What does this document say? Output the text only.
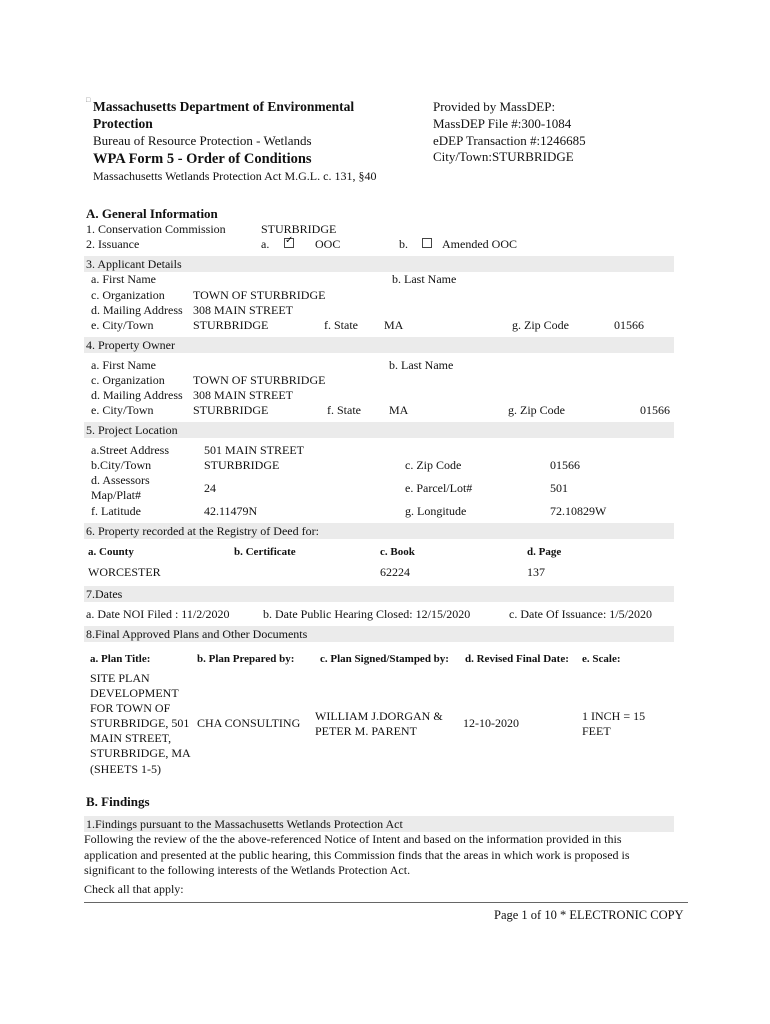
□ Massachusetts Department of Environmental
Protection
Bureau of Resource Protection - Wetlands
WPA Form 5 - Order of Conditions
Massachusetts Wetlands Protection Act M.G.L. c. 131, §40
Provided by MassDEP:
MassDEP File #:300-1084
eDEP Transaction #:1246685
City/Town:STURBRIDGE
A. General Information
1. Conservation Commission	STURBRIDGE
2. Issuance	a.
✓	OOC	b.	Amended OOC
3. Applicant Details
a. First Name	b. Last Name
c. Organization TOWN OF STURBRIDGE
d. Mailing Address 308 MAIN STREET
e. City/Town	STURBRIDGE	f. State MA	g. Zip Code	01566
4. Property Owner
a. First Name	b. Last Name
c. Organization TOWN OF STURBRIDGE
d. Mailing Address 308 MAIN STREET
e. City/Town	STURBRIDGE	f. State MA	g. Zip Code	01566
5. Project Location
a.Street Address	501 MAIN STREET
b.City/Town	STURBRIDGE	c. Zip Code	01566
d. Assessors
Map/Plat#	24	e. Parcel/Lot#	501
f. Latitude	42.11479N	g. Longitude	72.10829W
6. Property recorded at the Registry of Deed for:
a. County	b. Certificate	c. Book	d. Page
WORCESTER	62224	137
7.Dates
a. Date NOI Filed : 11/2/2020	b. Date Public Hearing Closed: 12/15/2020	c. Date Of Issuance: 1/5/2020
8.Final Approved Plans and Other Documents
a. Plan Title:	b. Plan Prepared by: c. Plan Signed/Stamped by: d. Revised Final Date: e. Scale:
SITE PLAN
DEVELOPMENT
FOR TOWN OF
STURBRIDGE, 501
MAIN STREET,
STURBRIDGE, MA
(SHEETS 1-5)
CHA CONSULTING WILLIAM J.DORGAN &
PETER M. PARENT
12-10-2020	1 INCH = 15
FEET
B. Findings
1.Findings pursuant to the Massachusetts Wetlands Protection Act
Following the review of the the above-referenced Notice of Intent and based on the information provided in this
application and presented at the public hearing, this Commission finds that the areas in which work is proposed is
significant to the following interests of the Wetlands Protection Act.
Check all that apply:
Page 1 of 10 * ELECTRONIC COPY
